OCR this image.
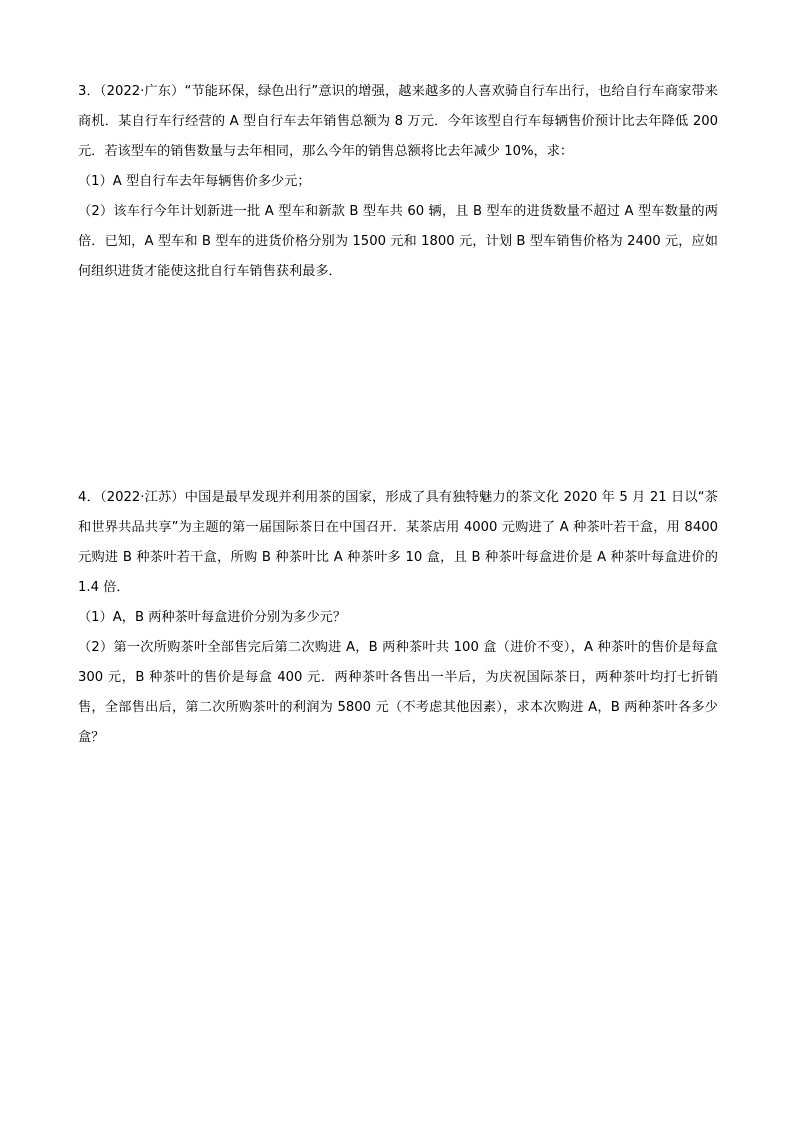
3．（2022·广东）“节能环保，绿色出行”意识的增强，越来越多的人喜欢骑自行车出行，也给自行车商家带来商机．某自行车行经营的 A 型自行车去年销售总额为 8 万元．今年该型自行车每辆售价预计比去年降低 200 元．若该型车的销售数量与去年相同，那么今年的销售总额将比去年减少 10%，求：

（1）A 型自行车去年每辆售价多少元；

（2）该车行今年计划新进一批 A 型车和新款 B 型车共 60 辆，且 B 型车的进货数量不超过 A 型车数量的两倍．已知，A 型车和 B 型车的进货价格分别为 1500 元和 1800 元，计划 B 型车销售价格为 2400 元，应如何组织进货才能使这批自行车销售获利最多．

4．（2022·江苏）中国是最早发现并利用茶的国家，形成了具有独特魅力的茶文化 2020 年 5 月 21 日以“茶和世界共品共享”为主题的第一届国际茶日在中国召开．某茶店用 4000 元购进了 A 种茶叶若干盒，用 8400 元购进 B 种茶叶若干盒，所购 B 种茶叶比 A 种茶叶多 10 盒，且 B 种茶叶每盒进价是 A 种茶叶每盒进价的 1.4 倍．

（1）A，B 两种茶叶每盒进价分别为多少元？

（2）第一次所购茶叶全部售完后第二次购进 A，B 两种茶叶共 100 盒（进价不变），A 种茶叶的售价是每盒 300 元，B 种茶叶的售价是每盒 400 元．两种茶叶各售出一半后，为庆祝国际茶日，两种茶叶均打七折销售，全部售出后，第二次所购茶叶的利润为 5800 元（不考虑其他因素），求本次购进 A，B 两种茶叶各多少盒？
